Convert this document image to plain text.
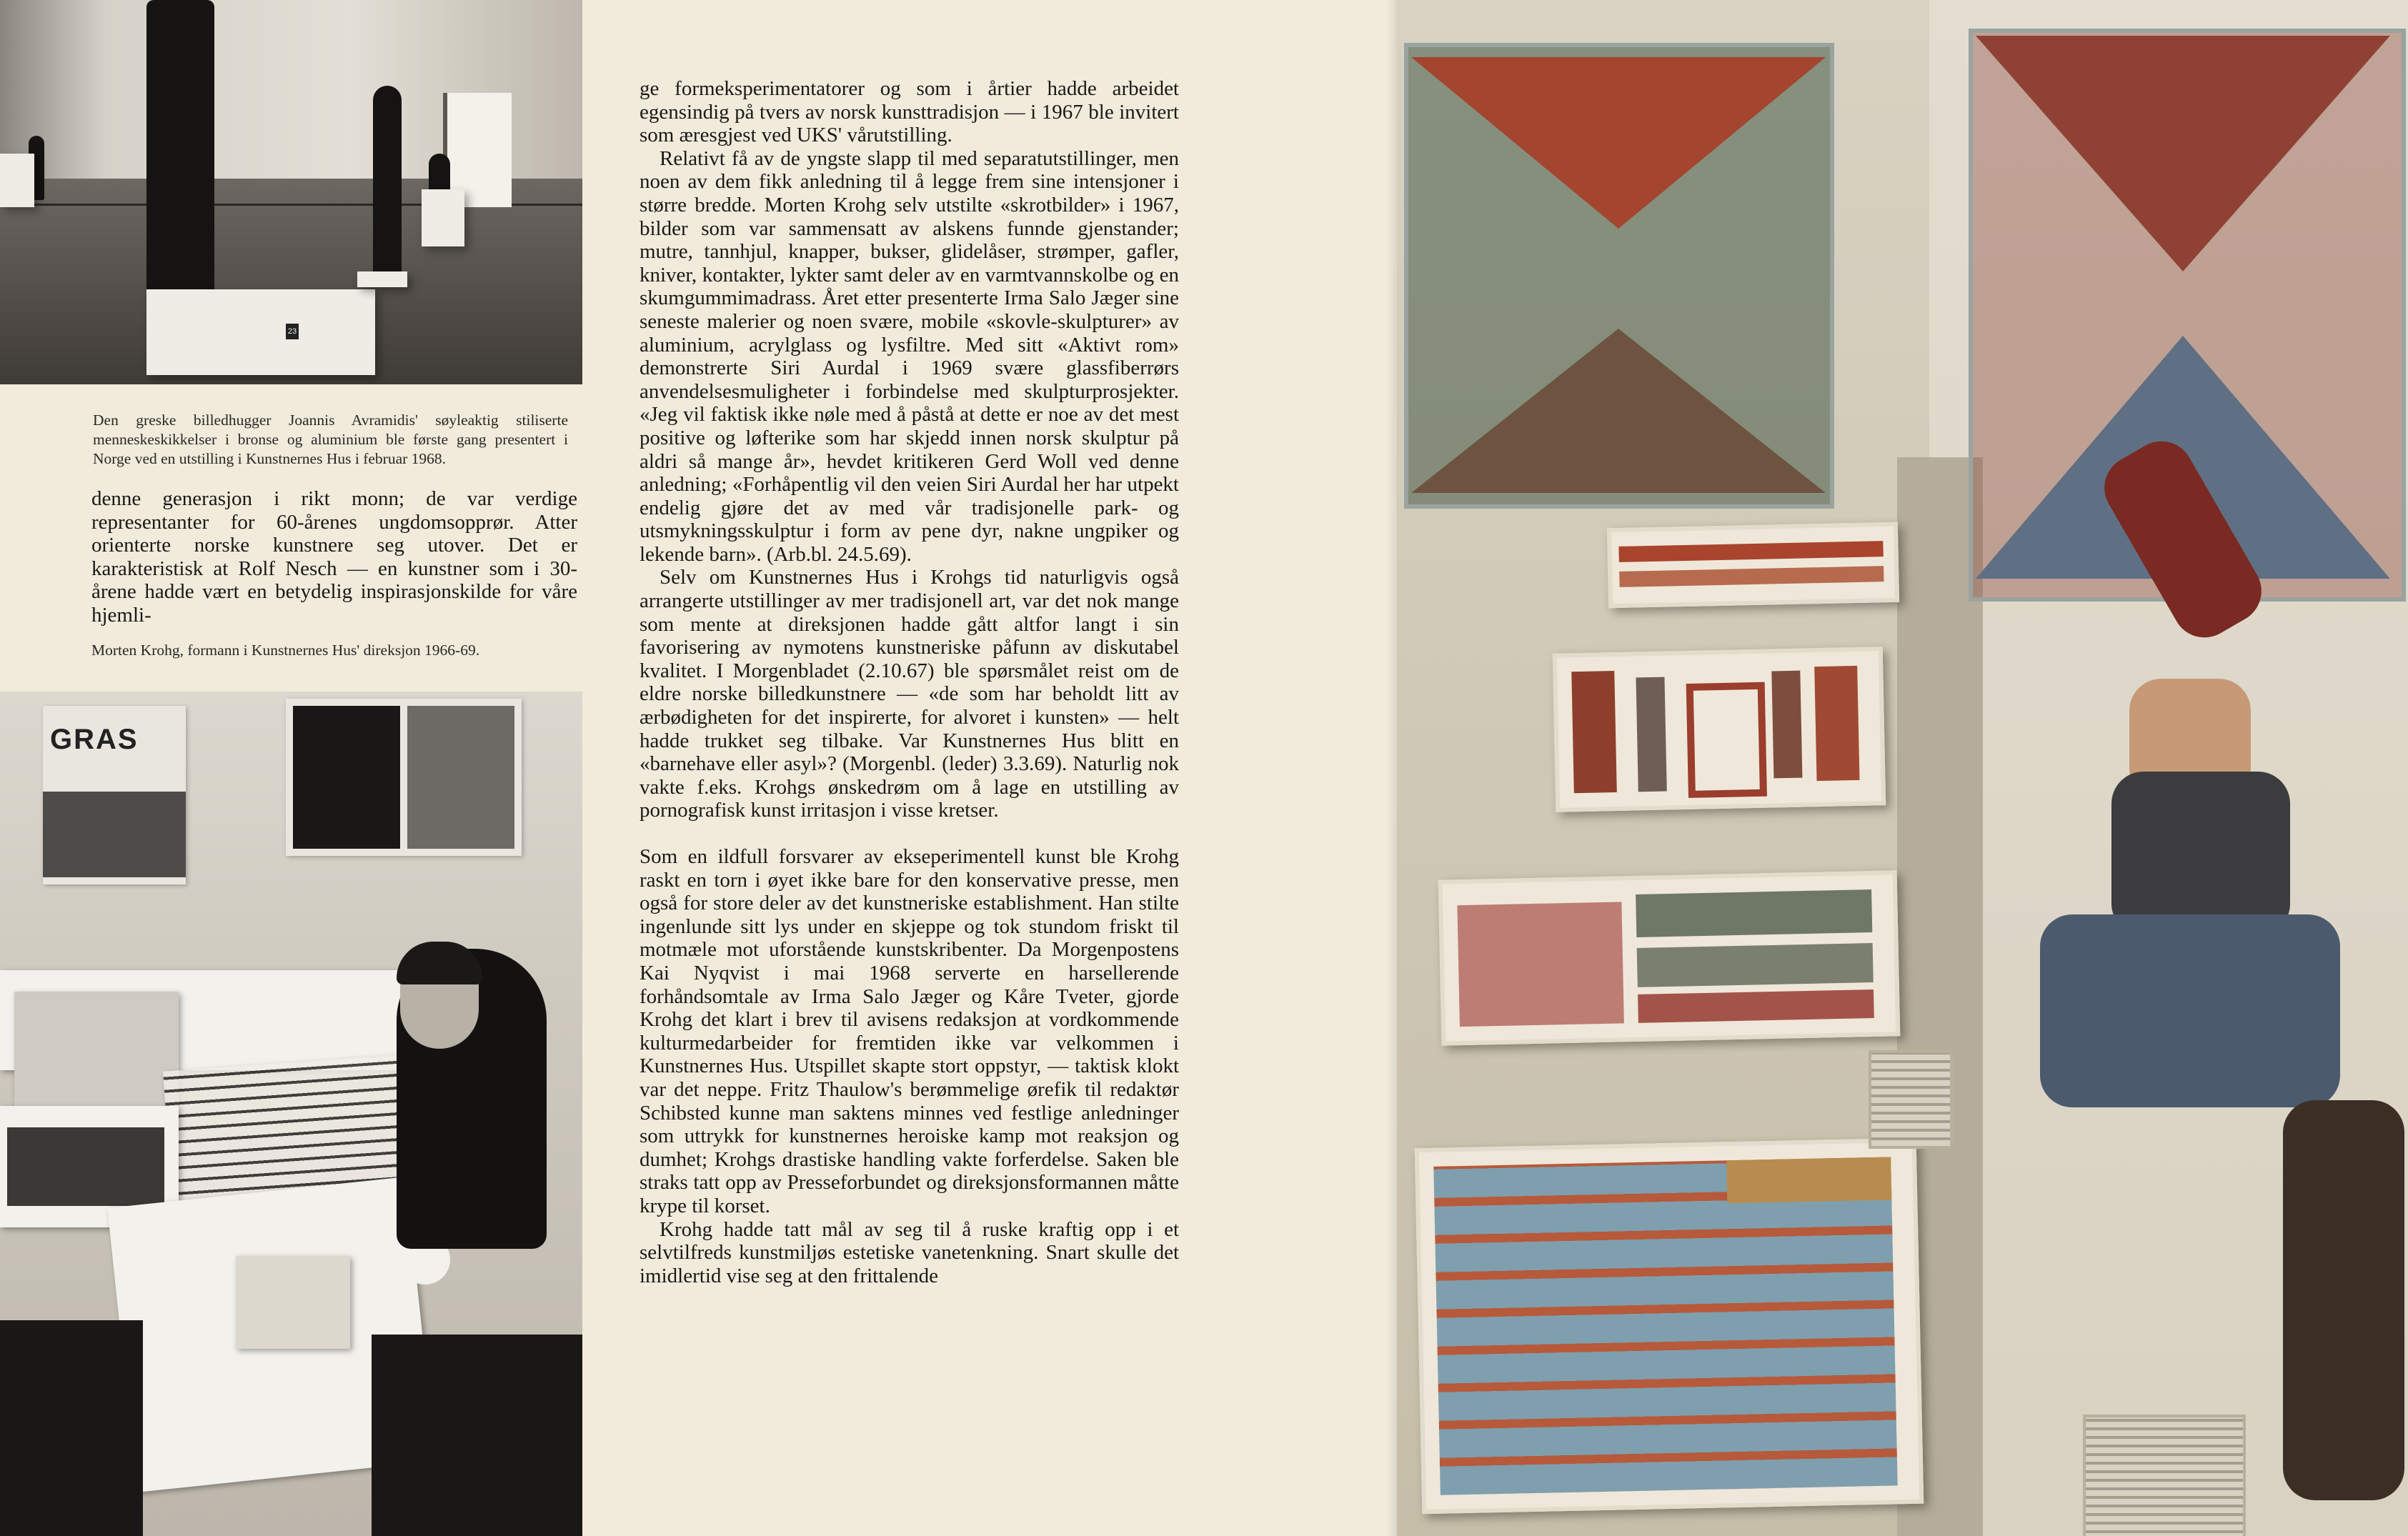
23
Den greske billedhugger Joannis Avramidis' søyleaktig stiliserte menneskeskikkelser i bronse og aluminium ble første gang presentert i Norge ved en utstilling i Kunstnernes Hus i februar 1968.

denne generasjon i rikt monn; de var verdige representanter for 60-årenes ungdomsopprør. Atter orienterte norske kunstnere seg utover. Det er karakteristisk at Rolf Nesch — en kunstner som i 30-årene hadde vært en betydelig inspirasjonskilde for våre hjemli-

Morten Krohg, formann i Kunstnernes Hus' direksjon 1966-69.
GRAS

ge formeksperimentatorer og som i årtier hadde arbeidet egensindig på tvers av norsk kunsttradisjon — i 1967 ble invitert som æresgjest ved UKS' vårutstilling.

Relativt få av de yngste slapp til med separatutstillinger, men noen av dem fikk anledning til å legge frem sine intensjoner i større bredde. Morten Krohg selv utstilte «skrotbilder» i 1967, bilder som var sammensatt av alskens funnde gjenstander; mutre, tannhjul, knapper, bukser, glidelåser, strømper, gafler, kniver, kontakter, lykter samt deler av en varmtvannskolbe og en skumgummimadrass. Året etter presenterte Irma Salo Jæger sine seneste malerier og noen svære, mobile «skovle-skulpturer» av aluminium, acrylglass og lysfiltre. Med sitt «Aktivt rom» demonstrerte Siri Aurdal i 1969 svære glassfiberrørs anvendelsesmuligheter i forbindelse med skulpturprosjekter. «Jeg vil faktisk ikke nøle med å påstå at dette er noe av det mest positive og løfterike som har skjedd innen norsk skulptur på aldri så mange år», hevdet kritikeren Gerd Woll ved denne anledning; «Forhåpentlig vil den veien Siri Aurdal her har utpekt endelig gjøre det av med vår tradisjonelle park- og utsmykningsskulptur i form av pene dyr, nakne ungpiker og lekende barn». (Arb.bl. 24.5.69).

Selv om Kunstnernes Hus i Krohgs tid naturligvis også arrangerte utstillinger av mer tradisjonell art, var det nok mange som mente at direksjonen hadde gått altfor langt i sin favorisering av nymotens kunstneriske påfunn av diskutabel kvalitet. I Morgenbladet (2.10.67) ble spørsmålet reist om de eldre norske billedkunstnere — «de som har beholdt litt av ærbødigheten for det inspirerte, for alvoret i kunsten» — helt hadde trukket seg tilbake. Var Kunstnernes Hus blitt en «barnehave eller asyl»? (Morgenbl. (leder) 3.3.69). Naturlig nok vakte f.eks. Krohgs ønskedrøm om å lage en utstilling av pornografisk kunst irritasjon i visse kretser.

Som en ildfull forsvarer av ekseperimentell kunst ble Krohg raskt en torn i øyet ikke bare for den konservative presse, men også for store deler av det kunstneriske establishment. Han stilte ingenlunde sitt lys under en skjeppe og tok stundom friskt til motmæle mot uforstående kunstskribenter. Da Morgenpostens Kai Nyqvist i mai 1968 serverte en harsellerende forhåndsomtale av Irma Salo Jæger og Kåre Tveter, gjorde Krohg det klart i brev til avisens redaksjon at vordkommende kulturmedarbeider for fremtiden ikke var velkommen i Kunstnernes Hus. Utspillet skapte stort oppstyr, — taktisk klokt var det neppe. Fritz Thaulow's berømmelige ørefik til redaktør Schibsted kunne man saktens minnes ved festlige anledninger som uttrykk for kunstnernes heroiske kamp mot reaksjon og dumhet; Krohgs drastiske handling vakte forferdelse. Saken ble straks tatt opp av Presseforbundet og direksjonsformannen måtte krype til korset.

Krohg hadde tatt mål av seg til å ruske kraftig opp i et selvtilfreds kunstmiljøs estetiske vanetenkning. Snart skulle det imidlertid vise seg at den frittalende
